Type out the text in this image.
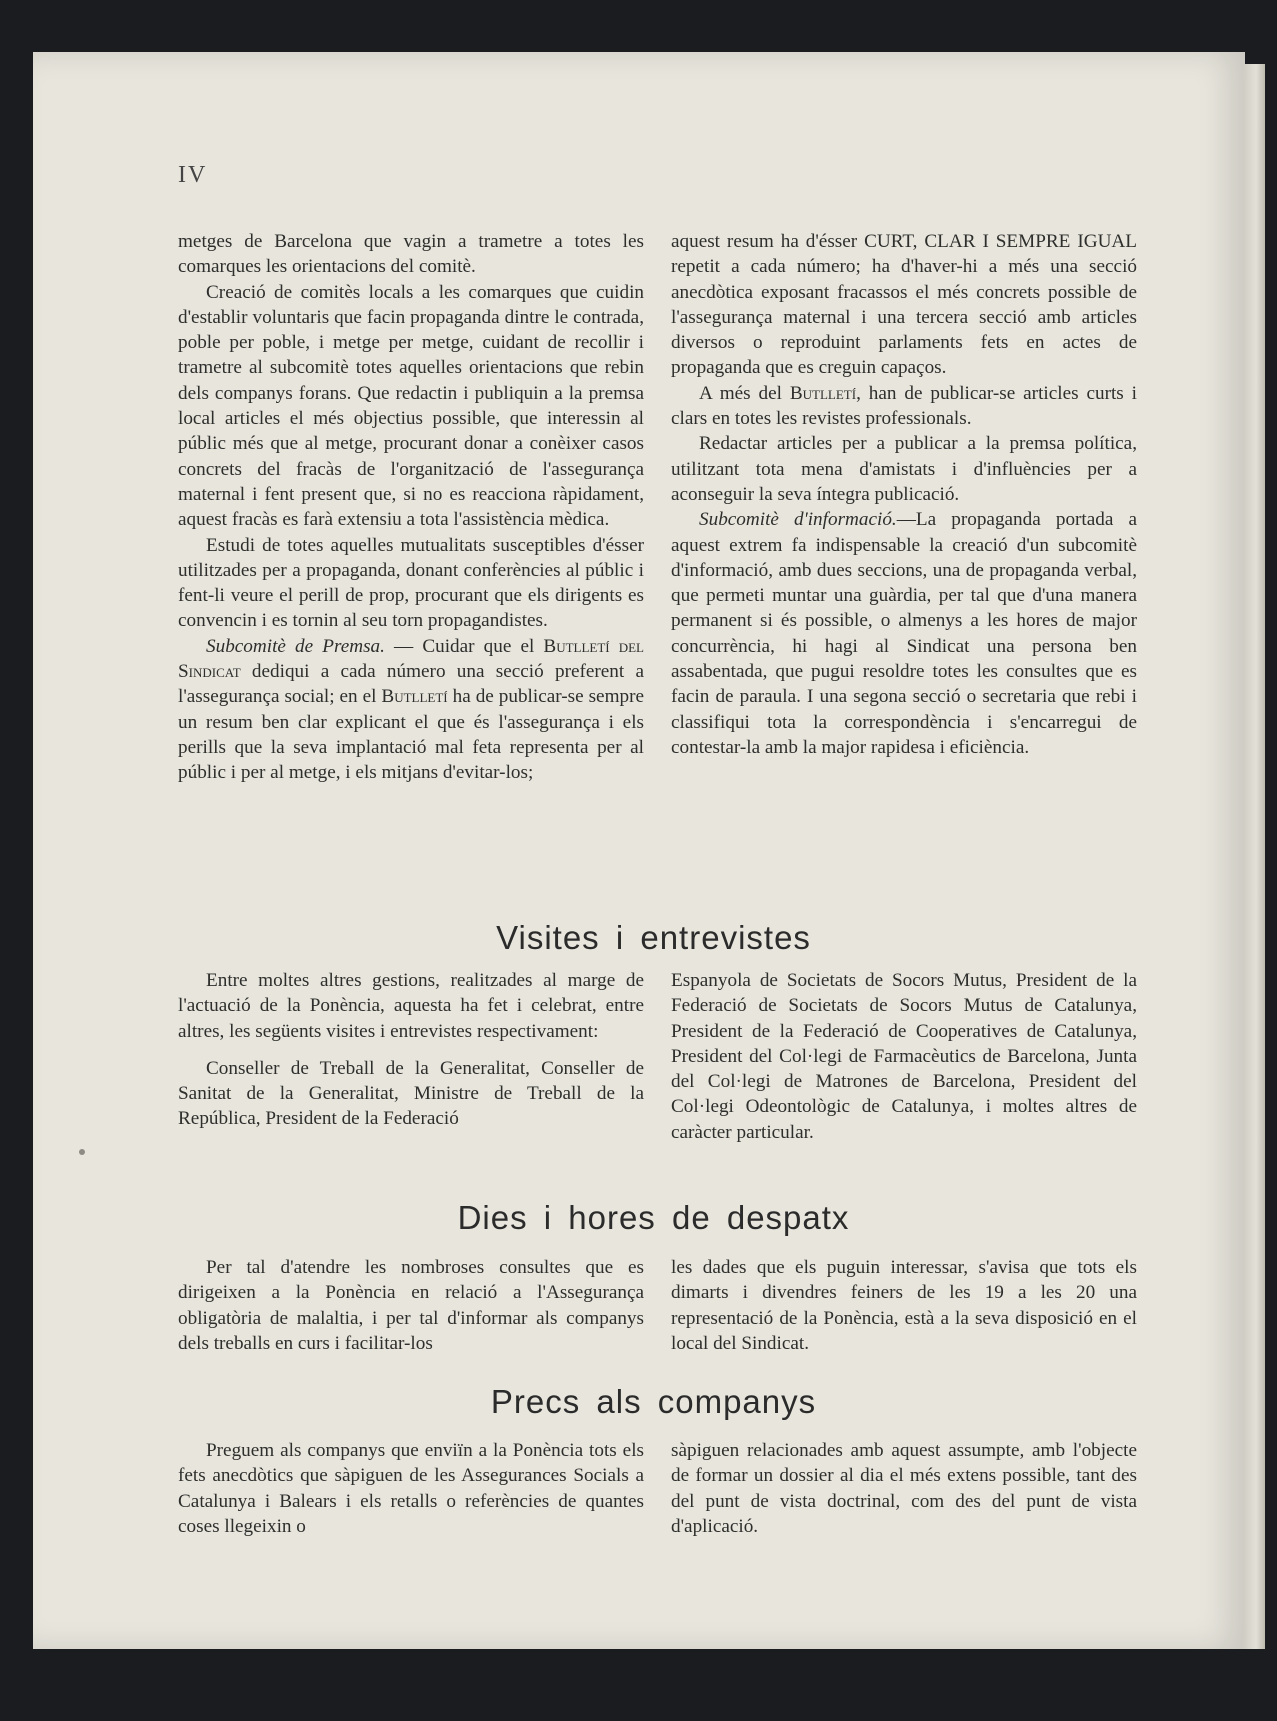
IV

metges de Barcelona que vagin a trametre a totes les comarques les orientacions del comitè.

Creació de comitès locals a les comarques que cuidin d'establir voluntaris que facin propaganda dintre le contrada, poble per poble, i metge per metge, cuidant de recollir i trametre al subcomitè totes aquelles orientacions que rebin dels companys forans. Que redactin i publiquin a la premsa local articles el més objectius possible, que interessin al públic més que al metge, procurant donar a conèixer casos concrets del fracàs de l'organització de l'assegurança maternal i fent present que, si no es reacciona ràpidament, aquest fracàs es farà extensiu a tota l'assistència mèdica.

Estudi de totes aquelles mutualitats susceptibles d'ésser utilitzades per a propaganda, donant conferències al públic i fent-li veure el perill de prop, procurant que els dirigents es convencin i es tornin al seu torn propagandistes.

Subcomitè de Premsa. — Cuidar que el Butlletí del Sindicat dediqui a cada número una secció preferent a l'assegurança social; en el Butlletí ha de publicar-se sempre un resum ben clar explicant el que és l'assegurança i els perills que la seva implantació mal feta representa per al públic i per al metge, i els mitjans d'evitar-los;

aquest resum ha d'ésser CURT, CLAR I SEMPRE IGUAL repetit a cada número; ha d'haver-hi a més una secció anecdòtica exposant fracassos el més concrets possible de l'assegurança maternal i una tercera secció amb articles diversos o reproduint parlaments fets en actes de propaganda que es creguin capaços.

A més del Butlletí, han de publicar-se articles curts i clars en totes les revistes professionals.

Redactar articles per a publicar a la premsa política, utilitzant tota mena d'amistats i d'influències per a aconseguir la seva íntegra publicació.

Subcomitè d'informació.—La propaganda portada a aquest extrem fa indispensable la creació d'un subcomitè d'informació, amb dues seccions, una de propaganda verbal, que permeti muntar una guàrdia, per tal que d'una manera permanent si és possible, o almenys a les hores de major concurrència, hi hagi al Sindicat una persona ben assabentada, que pugui resoldre totes les consultes que es facin de paraula. I una segona secció o secretaria que rebi i classifiqui tota la correspondència i s'encarregui de contestar-la amb la major rapidesa i eficiència.

Visites i entrevistes

Entre moltes altres gestions, realitzades al marge de l'actuació de la Ponència, aquesta ha fet i celebrat, entre altres, les següents visites i entrevistes respectivament:

Conseller de Treball de la Generalitat, Conseller de Sanitat de la Generalitat, Ministre de Treball de la República, President de la Federació

Espanyola de Societats de Socors Mutus, President de la Federació de Societats de Socors Mutus de Catalunya, President de la Federació de Cooperatives de Catalunya, President del Col·legi de Farmacèutics de Barcelona, Junta del Col·legi de Matrones de Barcelona, President del Col·legi Odeontològic de Catalunya, i moltes altres de caràcter particular.

Dies i hores de despatx

Per tal d'atendre les nombroses consultes que es dirigeixen a la Ponència en relació a l'Assegurança obligatòria de malaltia, i per tal d'informar als companys dels treballs en curs i facilitar-los

les dades que els puguin interessar, s'avisa que tots els dimarts i divendres feiners de les 19 a les 20 una representació de la Ponència, està a la seva disposició en el local del Sindicat.

Precs als companys

Preguem als companys que enviïn a la Ponència tots els fets anecdòtics que sàpiguen de les Assegurances Socials a Catalunya i Balears i els retalls o referències de quantes coses llegeixin o

sàpiguen relacionades amb aquest assumpte, amb l'objecte de formar un dossier al dia el més extens possible, tant des del punt de vista doctrinal, com des del punt de vista d'aplicació.
